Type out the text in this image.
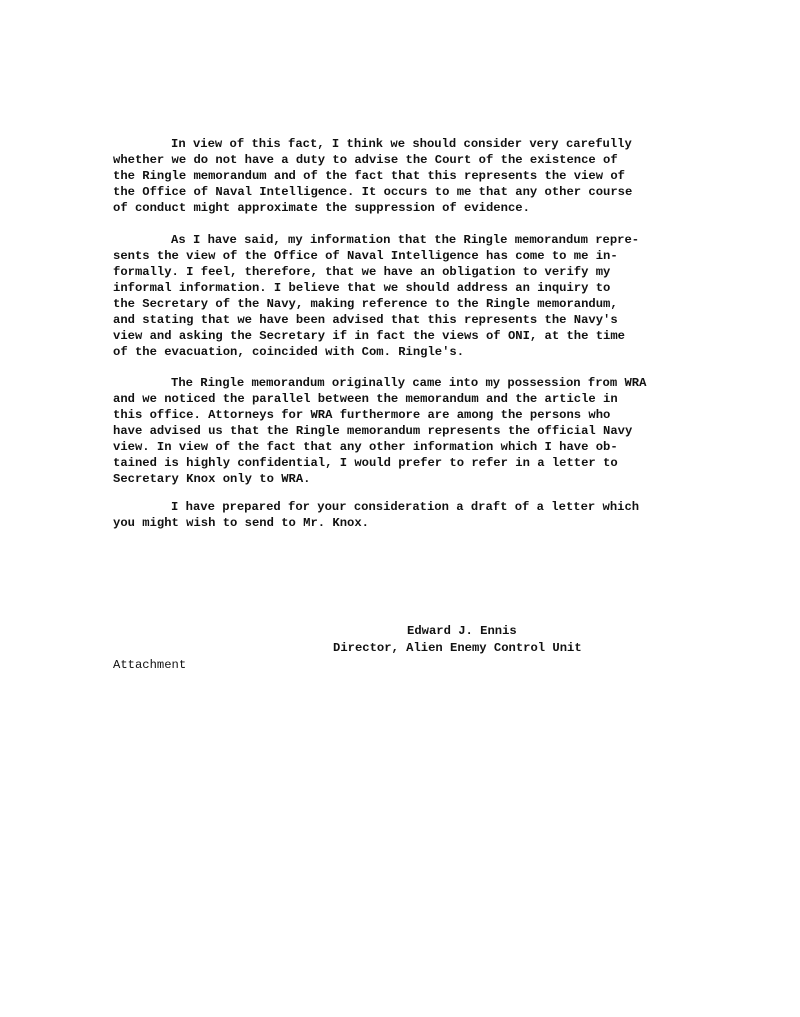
In view of this fact, I think we should consider very carefully
whether we do not have a duty to advise the Court of the existence of
the Ringle memorandum and of the fact that this represents the view of
the Office of Naval Intelligence. It occurs to me that any other course
of conduct might approximate the suppression of evidence.
As I have said, my information that the Ringle memorandum repre-
sents the view of the Office of Naval Intelligence has come to me in-
formally. I feel, therefore, that we have an obligation to verify my
informal information. I believe that we should address an inquiry to
the Secretary of the Navy, making reference to the Ringle memorandum,
and stating that we have been advised that this represents the Navy's
view and asking the Secretary if in fact the views of ONI, at the time
of the evacuation, coincided with Com. Ringle's.
The Ringle memorandum originally came into my possession from WRA
and we noticed the parallel between the memorandum and the article in
this office. Attorneys for WRA furthermore are among the persons who
have advised us that the Ringle memorandum represents the official Navy
view. In view of the fact that any other information which I have ob-
tained is highly confidential, I would prefer to refer in a letter to
Secretary Knox only to WRA.
I have prepared for your consideration a draft of a letter which
you might wish to send to Mr. Knox.
Edward J. Ennis
Director, Alien Enemy Control Unit
Attachment
